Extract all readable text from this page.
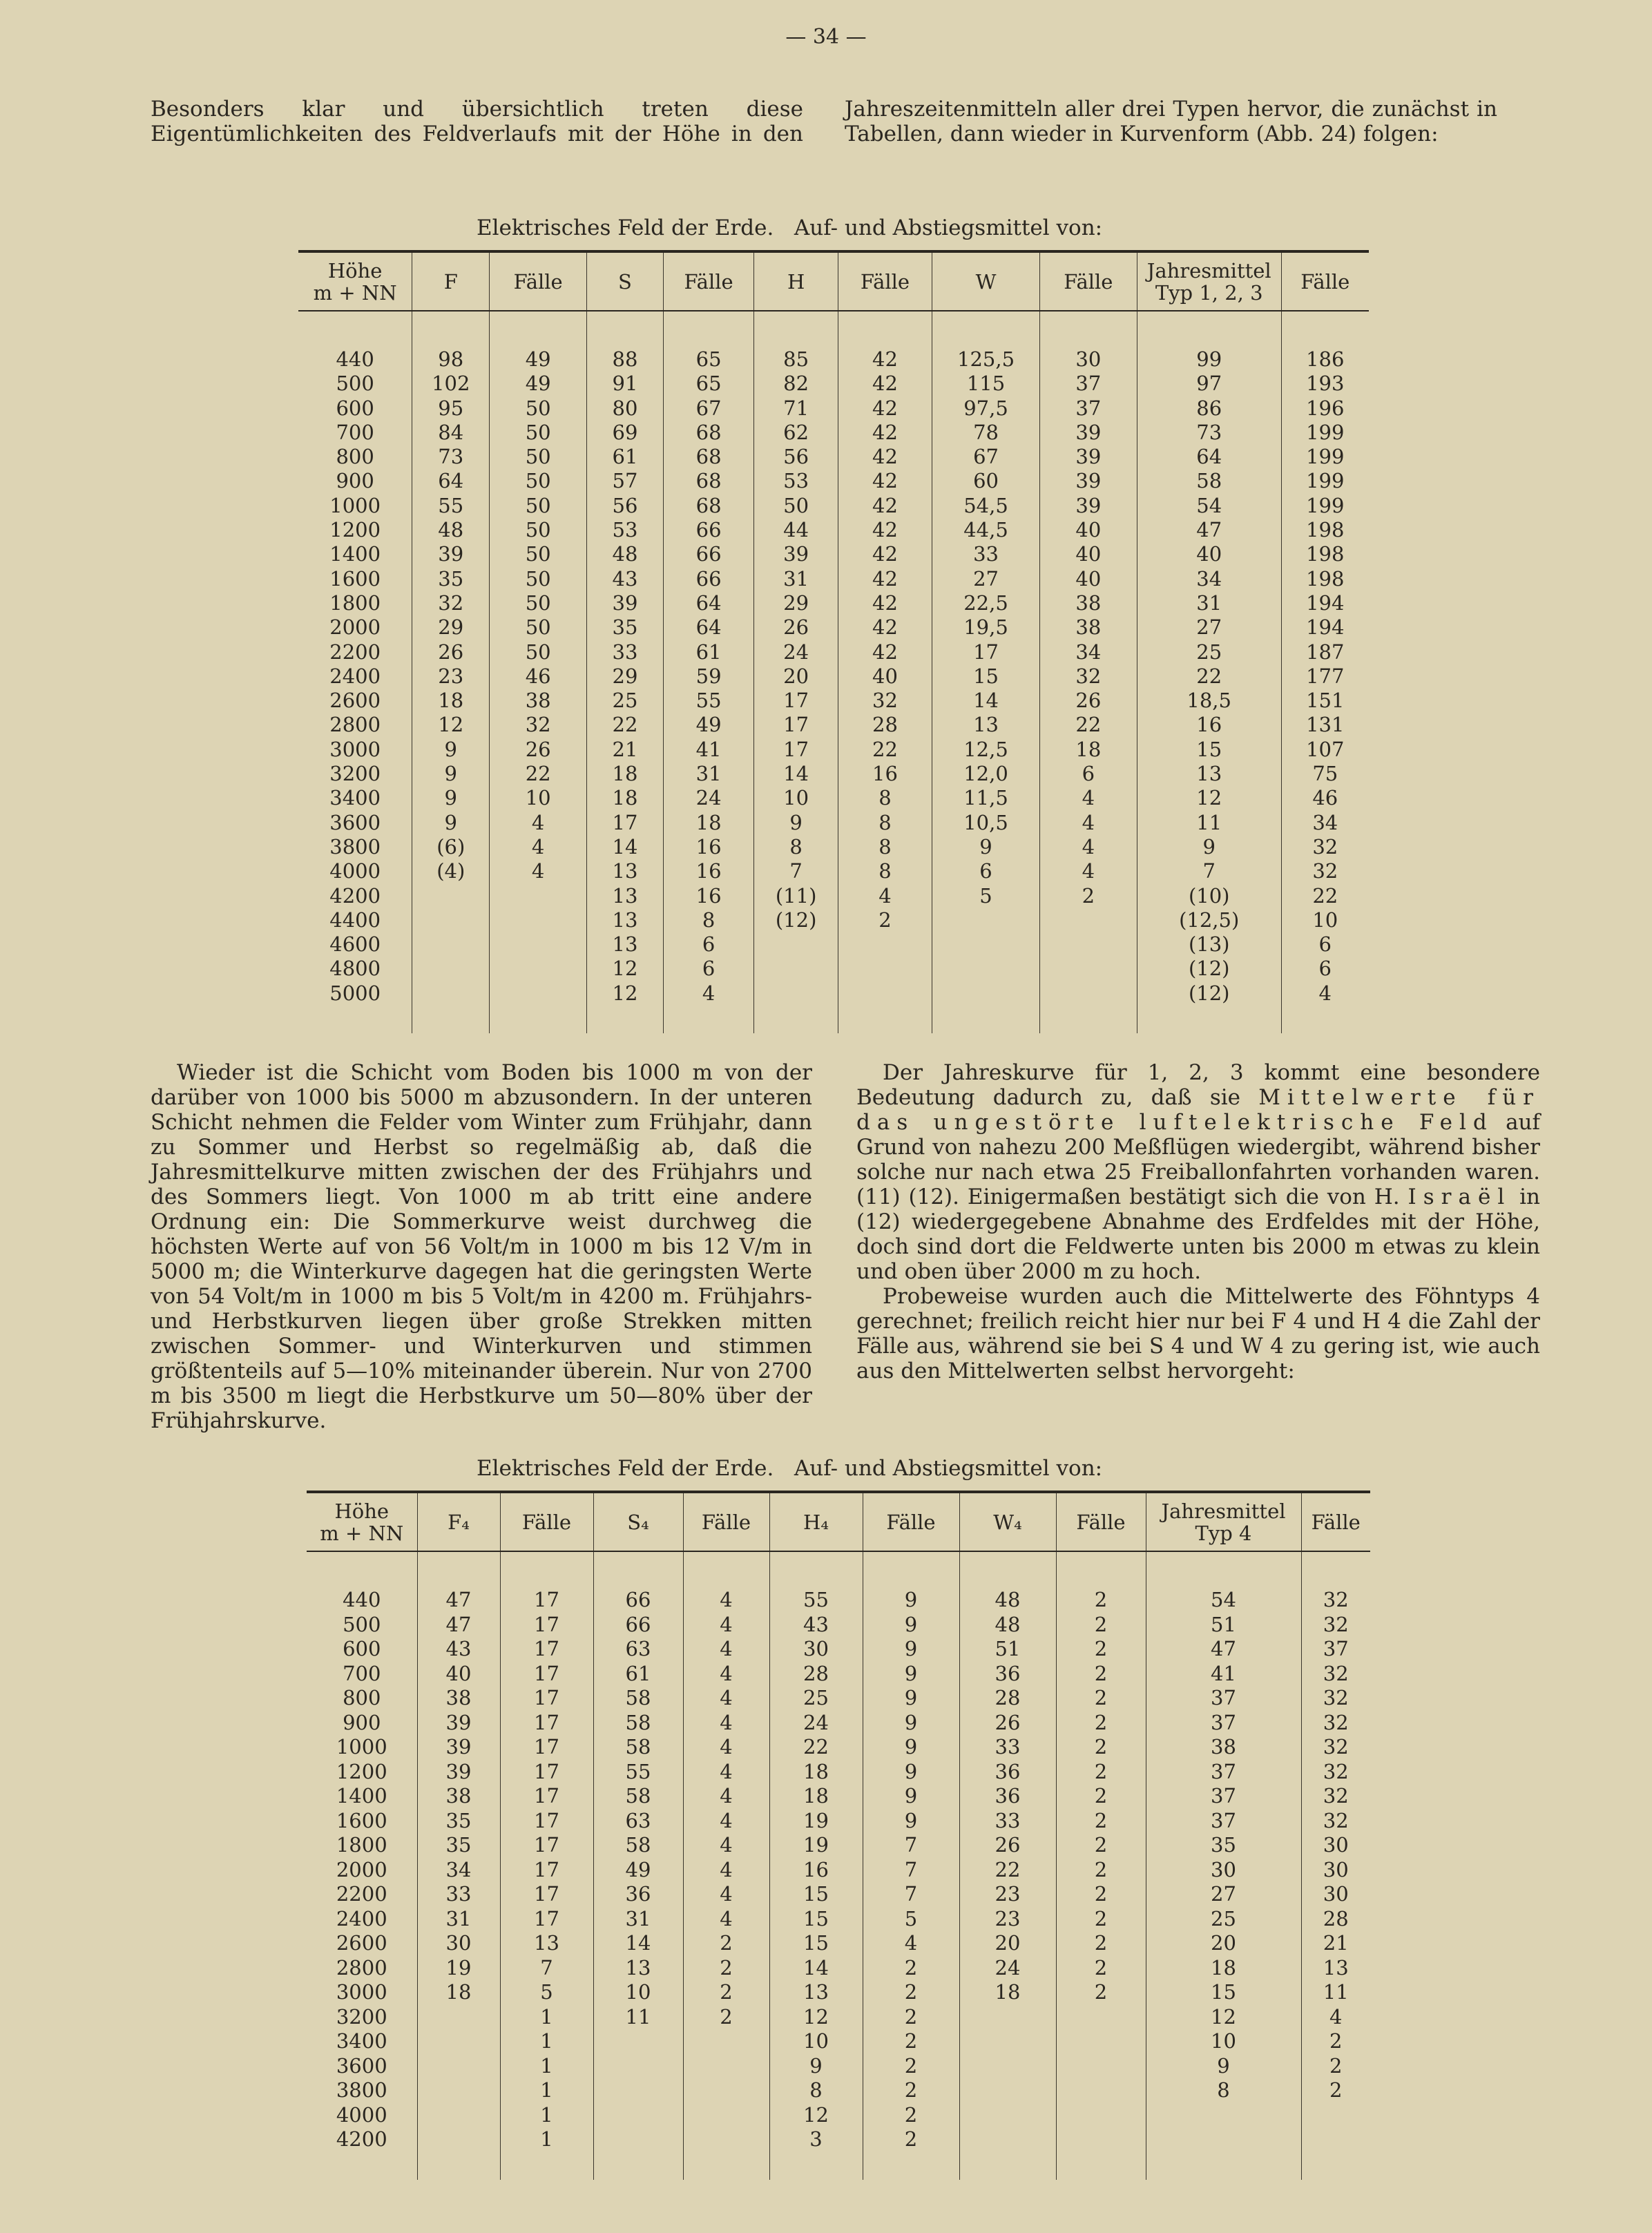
— 34 —

Besonders klar und übersichtlich treten diese Eigentümlichkeiten des Feldverlaufs mit der Höhe in den Jahreszeitenmitteln aller drei Typen hervor, die zunächst in Tabellen, dann wieder in Kurvenform (Abb. 24) folgen:

Elektrisches Feld der Erde. Auf- und Abstiegsmittel von:
Höhe
m + NN	F	Fälle	S	Fälle	H	Fälle	W	Fälle	Jahresmittel
Typ 1, 2, 3	Fälle

440	98	49	88	65	85	42	125,5	30	99	186
500	102	49	91	65	82	42	115	37	97	193
600	95	50	80	67	71	42	97,5	37	86	196
700	84	50	69	68	62	42	78	39	73	199
800	73	50	61	68	56	42	67	39	64	199
900	64	50	57	68	53	42	60	39	58	199
1000	55	50	56	68	50	42	54,5	39	54	199
1200	48	50	53	66	44	42	44,5	40	47	198
1400	39	50	48	66	39	42	33	40	40	198
1600	35	50	43	66	31	42	27	40	34	198
1800	32	50	39	64	29	42	22,5	38	31	194
2000	29	50	35	64	26	42	19,5	38	27	194
2200	26	50	33	61	24	42	17	34	25	187
2400	23	46	29	59	20	40	15	32	22	177
2600	18	38	25	55	17	32	14	26	18,5	151
2800	12	32	22	49	17	28	13	22	16	131
3000	9	26	21	41	17	22	12,5	18	15	107
3200	9	22	18	31	14	16	12,0	6	13	75
3400	9	10	18	24	10	8	11,5	4	12	46
3600	9	4	17	18	9	8	10,5	4	11	34
3800	(6)	4	14	16	8	8	9	4	9	32
4000	(4)	4	13	16	7	8	6	4	7	32
4200			13	16	(11)	4	5	2	(10)	22
4400			13	8	(12)	2			(12,5)	10
4600			13	6					(13)	6
4800			12	6					(12)	6
5000			12	4					(12)	4

Wieder ist die Schicht vom Boden bis 1000 m von der darüber von 1000 bis 5000 m abzusondern. In der unteren Schicht nehmen die Felder vom Winter zum Frühjahr, dann zu Sommer und Herbst so regelmäßig ab, daß die Jahresmittelkurve mitten zwischen der des Frühjahrs und des Sommers liegt. Von 1000 m ab tritt eine andere Ordnung ein: Die Sommerkurve weist durchweg die höchsten Werte auf von 56 Volt/m in 1000 m bis 12 V/m in 5000 m; die Winterkurve dagegen hat die geringsten Werte von 54 Volt/m in 1000 m bis 5 Volt/m in 4200 m. Frühjahrs- und Herbstkurven liegen über große Strekken mitten zwischen Sommer- und Winterkurven und stimmen größtenteils auf 5—10% miteinander überein. Nur von 2700 m bis 3500 m liegt die Herbstkurve um 50—80% über der Frühjahrskurve.

Der Jahreskurve für 1, 2, 3 kommt eine besondere Bedeutung dadurch zu, daß sie Mittelwerte für das ungestörte luftelektrische Feld auf Grund von nahezu 200 Meßflügen wiedergibt, während bisher solche nur nach etwa 25 Freiballonfahrten vorhanden waren. (11) (12). Einigermaßen bestätigt sich die von H. Israël in (12) wiedergegebene Abnahme des Erdfeldes mit der Höhe, doch sind dort die Feldwerte unten bis 2000 m etwas zu klein und oben über 2000 m zu hoch.

Probeweise wurden auch die Mittelwerte des Föhntyps 4 gerechnet; freilich reicht hier nur bei F 4 und H 4 die Zahl der Fälle aus, während sie bei S 4 und W 4 zu gering ist, wie auch aus den Mittelwerten selbst hervorgeht:

Elektrisches Feld der Erde. Auf- und Abstiegsmittel von:
Höhe
m + NN	F₄	Fälle	S₄	Fälle	H₄	Fälle	W₄	Fälle	Jahresmittel
Typ 4	Fälle

440	47	17	66	4	55	9	48	2	54	32
500	47	17	66	4	43	9	48	2	51	32
600	43	17	63	4	30	9	51	2	47	37
700	40	17	61	4	28	9	36	2	41	32
800	38	17	58	4	25	9	28	2	37	32
900	39	17	58	4	24	9	26	2	37	32
1000	39	17	58	4	22	9	33	2	38	32
1200	39	17	55	4	18	9	36	2	37	32
1400	38	17	58	4	18	9	36	2	37	32
1600	35	17	63	4	19	9	33	2	37	32
1800	35	17	58	4	19	7	26	2	35	30
2000	34	17	49	4	16	7	22	2	30	30
2200	33	17	36	4	15	7	23	2	27	30
2400	31	17	31	4	15	5	23	2	25	28
2600	30	13	14	2	15	4	20	2	20	21
2800	19	7	13	2	14	2	24	2	18	13
3000	18	5	10	2	13	2	18	2	15	11
3200		1	11	2	12	2			12	4
3400		1			10	2			10	2
3600		1			9	2			9	2
3800		1			8	2			8	2
4000		1			12	2				
4200		1			3	2				
